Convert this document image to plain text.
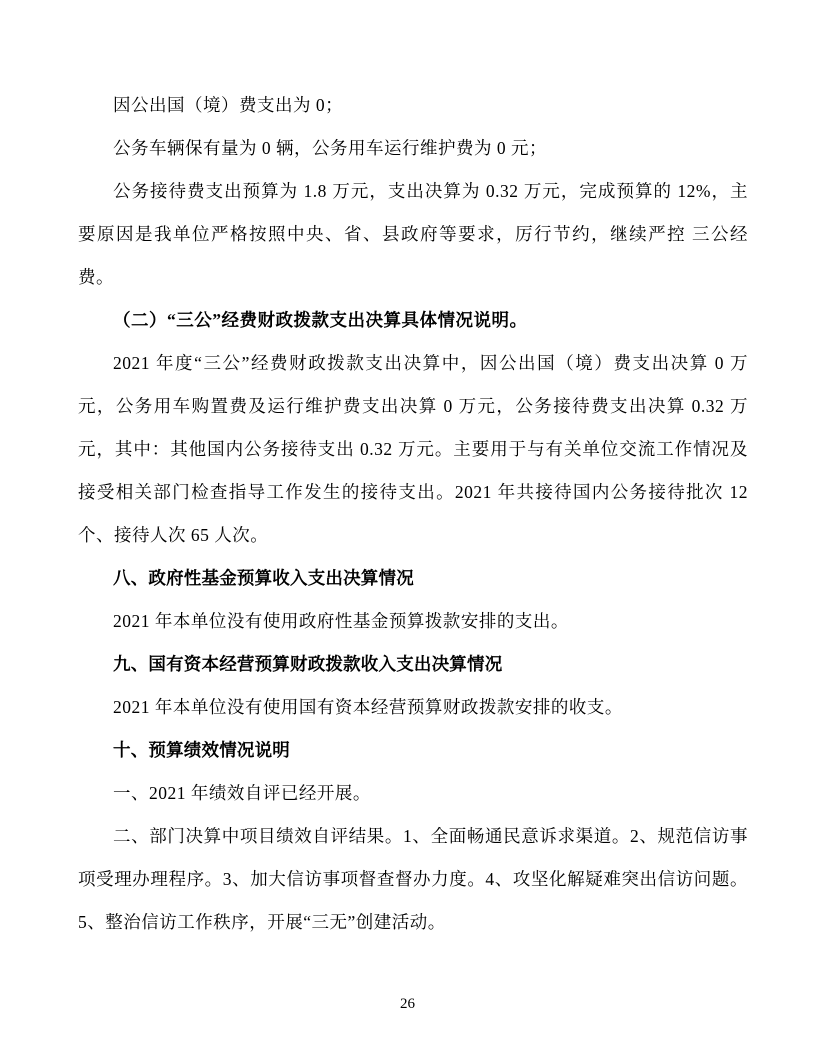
因公出国（境）费支出为 0；

公务车辆保有量为 0 辆，公务用车运行维护费为 0 元；

公务接待费支出预算为 1.8 万元，支出决算为 0.32 万元，完成预算的 12%，主要原因是我单位严格按照中央、省、县政府等要求，厉行节约，继续严控 三公经费。

（二）“三公”经费财政拨款支出决算具体情况说明。

2021 年度“三公”经费财政拨款支出决算中，因公出国（境）费支出决算 0 万元，公务用车购置费及运行维护费支出决算 0 万元，公务接待费支出决算 0.32 万元，其中：其他国内公务接待支出 0.32 万元。主要用于与有关单位交流工作情况及接受相关部门检查指导工作发生的接待支出。2021 年共接待国内公务接待批次 12 个、接待人次 65 人次。

八、政府性基金预算收入支出决算情况

2021 年本单位没有使用政府性基金预算拨款安排的支出。

九、国有资本经营预算财政拨款收入支出决算情况

2021 年本单位没有使用国有资本经营预算财政拨款安排的收支。

十、预算绩效情况说明

一、2021 年绩效自评已经开展。

二、部门决算中项目绩效自评结果。1、全面畅通民意诉求渠道。2、规范信访事项受理办理程序。3、加大信访事项督查督办力度。4、攻坚化解疑难突出信访问题。5、整治信访工作秩序，开展“三无”创建活动。

26
